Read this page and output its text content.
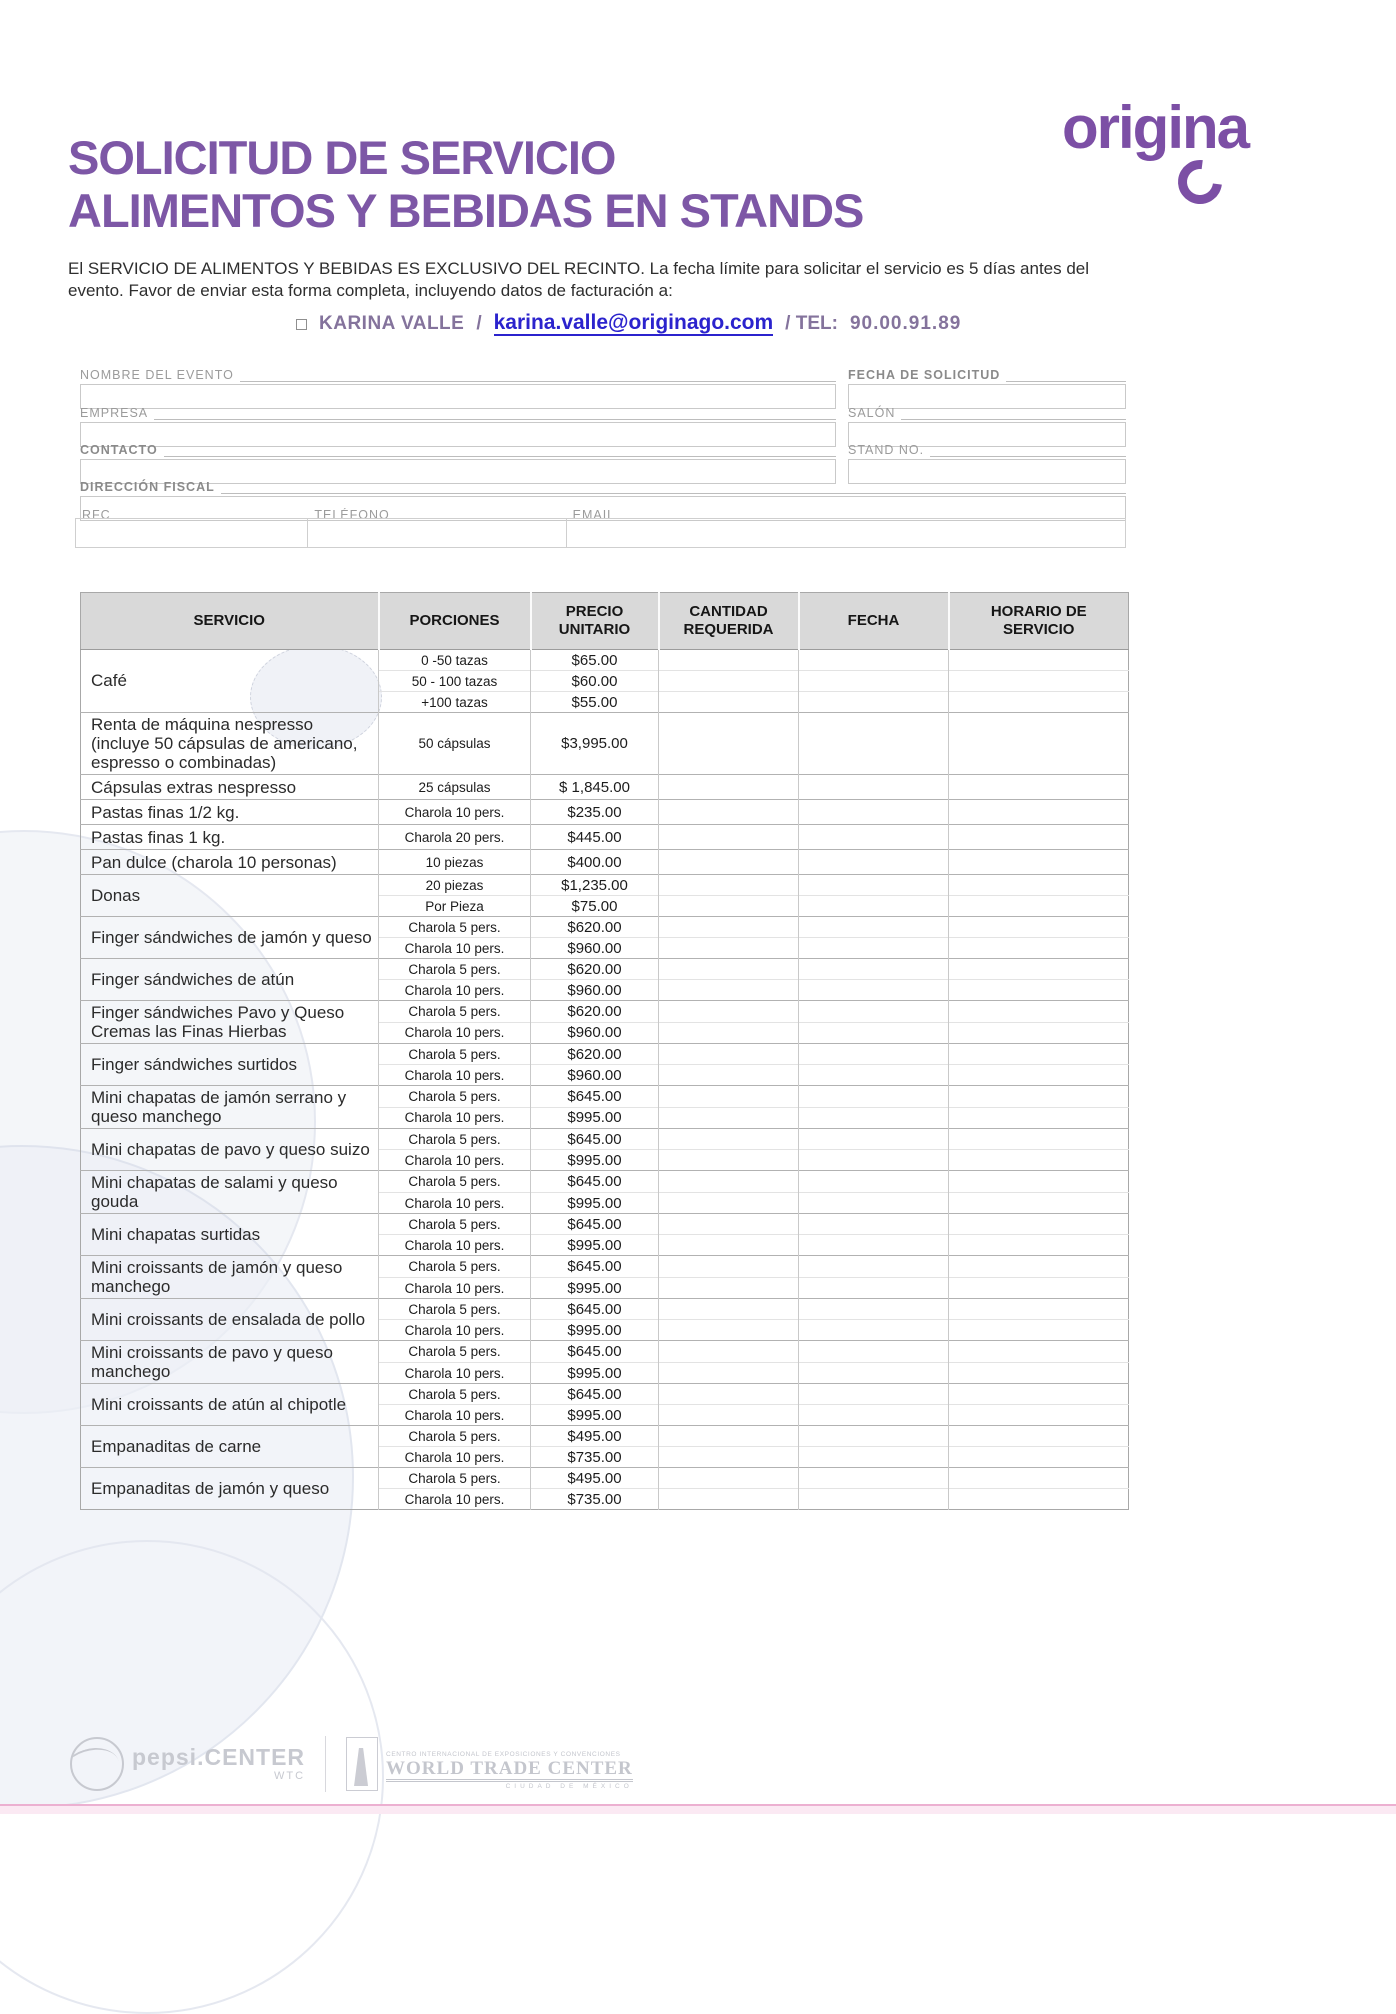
origina
SOLICITUD DE SERVICIO
ALIMENTOS Y BEBIDAS EN STANDS
El SERVICIO DE ALIMENTOS Y BEBIDAS ES EXCLUSIVO DEL RECINTO. La fecha límite para solicitar el servicio es 5 días antes del evento. Favor de enviar esta forma completa, incluyendo datos de facturación a:
KARINA VALLE / karina.valle@originago.com / TEL: 90.00.91.89
NOMBRE DEL EVENTO	FECHA DE SOLICITUD
EMPRESA	SALÓN
CONTACTO	STAND NO.
DIRECCIÓN FISCAL
RFC	TELÉFONO	EMAIL
SERVICIO	PORCIONES	PRECIO UNITARIO	CANTIDAD REQUERIDA	FECHA	HORARIO DE SERVICIO
Café	0 -50 tazas	$65.00			
	50 - 100 tazas	$60.00			
	+100 tazas	$55.00			
Renta de máquina nespresso (incluye 50 cápsulas de americano, espresso o combinadas)	50 cápsulas	$3,995.00			
Cápsulas extras nespresso	25 cápsulas	$ 1,845.00			
Pastas finas 1/2 kg.	Charola 10 pers.	$235.00			
Pastas finas 1 kg.	Charola 20 pers.	$445.00			
Pan dulce (charola 10 personas)	10 piezas	$400.00			
Donas	20 piezas	$1,235.00			
	Por Pieza	$75.00			
Finger sándwiches de jamón y queso	Charola 5 pers.	$620.00			
	Charola 10 pers.	$960.00			
Finger sándwiches de atún	Charola 5 pers.	$620.00			
	Charola 10 pers.	$960.00			
Finger sándwiches Pavo y Queso Cremas las Finas Hierbas	Charola 5 pers.	$620.00			
	Charola 10 pers.	$960.00			
Finger sándwiches surtidos	Charola 5 pers.	$620.00			
	Charola 10 pers.	$960.00			
Mini chapatas de jamón serrano y queso manchego	Charola 5 pers.	$645.00			
	Charola 10 pers.	$995.00			
Mini chapatas de pavo y queso suizo	Charola 5 pers.	$645.00			
	Charola 10 pers.	$995.00			
Mini chapatas de salami y queso gouda	Charola 5 pers.	$645.00			
	Charola 10 pers.	$995.00			
Mini chapatas surtidas	Charola 5 pers.	$645.00			
	Charola 10 pers.	$995.00			
Mini croissants de jamón y queso manchego	Charola 5 pers.	$645.00			
	Charola 10 pers.	$995.00			
Mini croissants de ensalada de pollo	Charola 5 pers.	$645.00			
	Charola 10 pers.	$995.00			
Mini croissants de pavo y queso manchego	Charola 5 pers.	$645.00			
	Charola 10 pers.	$995.00			
Mini croissants de atún al chipotle	Charola 5 pers.	$645.00			
	Charola 10 pers.	$995.00			
Empanaditas de carne	Charola 5 pers.	$495.00			
	Charola 10 pers.	$735.00			
Empanaditas de jamón y queso	Charola 5 pers.	$495.00			
	Charola 10 pers.	$735.00			
pepsi.CENTER
WTC
CENTRO INTERNACIONAL DE EXPOSICIONES Y CONVENCIONES
WORLD TRADE CENTER
CIUDAD DE MÉXICO
